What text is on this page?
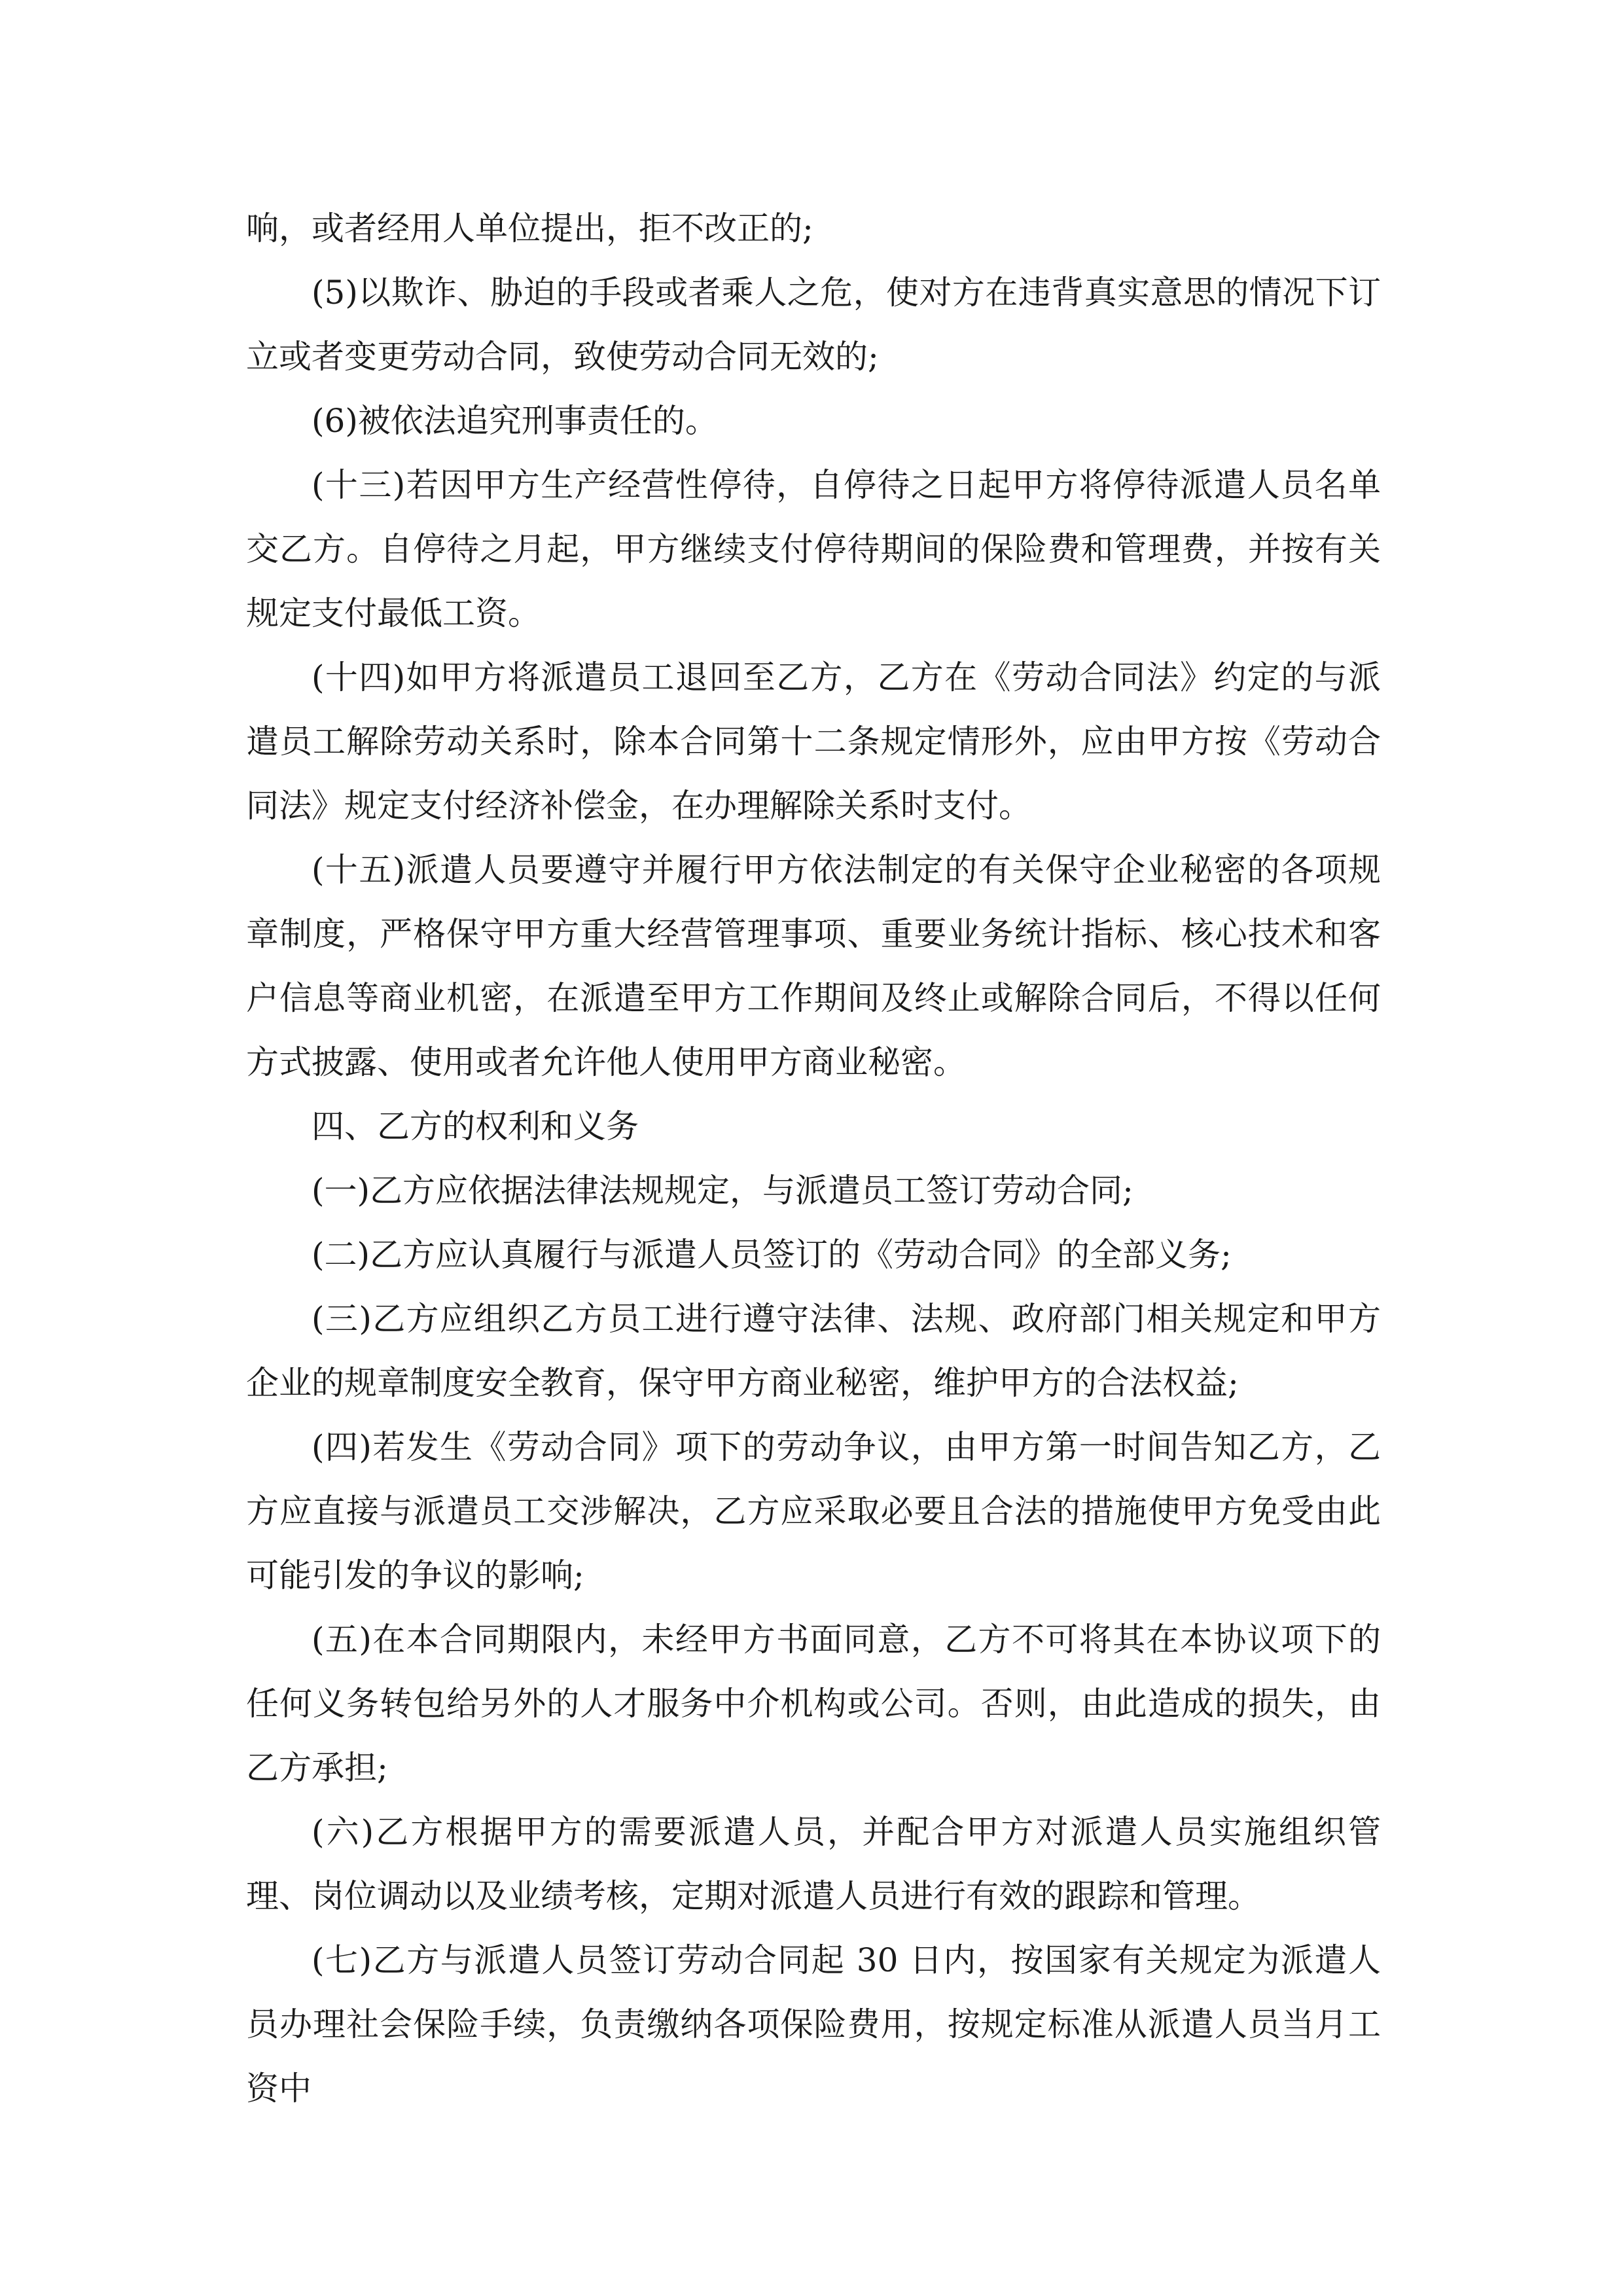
响，或者经用人单位提出，拒不改正的;

(5)以欺诈、胁迫的手段或者乘人之危，使对方在违背真实意思的情况下订立或者变更劳动合同，致使劳动合同无效的;

(6)被依法追究刑事责任的。

(十三)若因甲方生产经营性停待，自停待之日起甲方将停待派遣人员名单交乙方。自停待之月起，甲方继续支付停待期间的保险费和管理费，并按有关规定支付最低工资。

(十四)如甲方将派遣员工退回至乙方，乙方在《劳动合同法》约定的与派遣员工解除劳动关系时，除本合同第十二条规定情形外，应由甲方按《劳动合同法》规定支付经济补偿金，在办理解除关系时支付。

(十五)派遣人员要遵守并履行甲方依法制定的有关保守企业秘密的各项规章制度，严格保守甲方重大经营管理事项、重要业务统计指标、核心技术和客户信息等商业机密，在派遣至甲方工作期间及终止或解除合同后，不得以任何方式披露、使用或者允许他人使用甲方商业秘密。

四、乙方的权利和义务

(一)乙方应依据法律法规规定，与派遣员工签订劳动合同;

(二)乙方应认真履行与派遣人员签订的《劳动合同》的全部义务;

(三)乙方应组织乙方员工进行遵守法律、法规、政府部门相关规定和甲方企业的规章制度安全教育，保守甲方商业秘密，维护甲方的合法权益;

(四)若发生《劳动合同》项下的劳动争议，由甲方第一时间告知乙方，乙方应直接与派遣员工交涉解决，乙方应采取必要且合法的措施使甲方免受由此可能引发的争议的影响;

(五)在本合同期限内，未经甲方书面同意，乙方不可将其在本协议项下的任何义务转包给另外的人才服务中介机构或公司。否则，由此造成的损失，由乙方承担;

(六)乙方根据甲方的需要派遣人员，并配合甲方对派遣人员实施组织管理、岗位调动以及业绩考核，定期对派遣人员进行有效的跟踪和管理。

(七)乙方与派遣人员签订劳动合同起 30 日内，按国家有关规定为派遣人员办理社会保险手续，负责缴纳各项保险费用，按规定标准从派遣人员当月工资中
